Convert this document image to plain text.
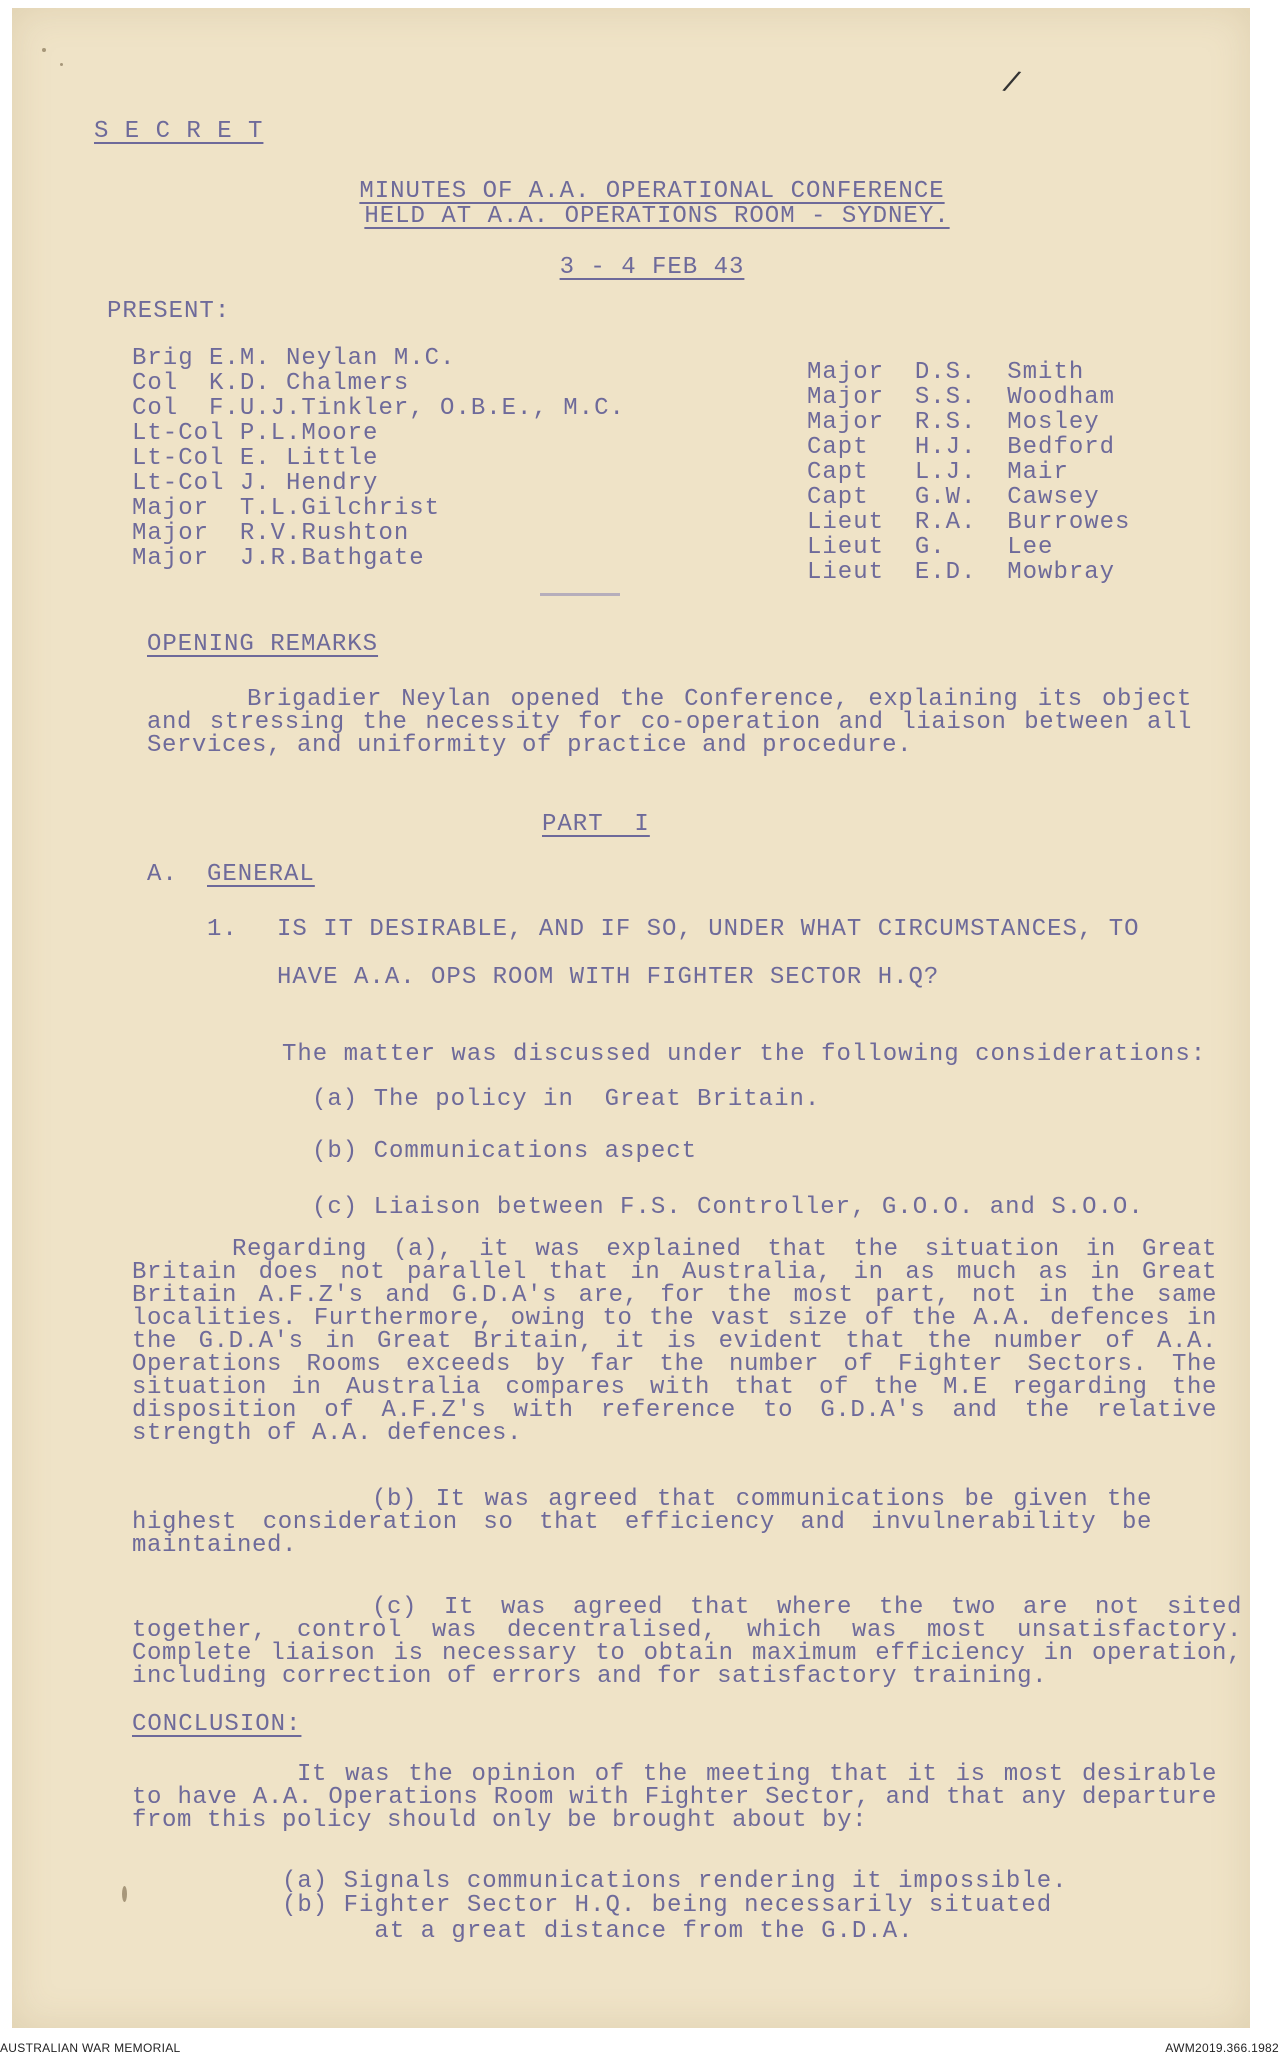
/
S E C R E T
MINUTES OF A.A. OPERATIONAL CONFERENCE
HELD AT A.A. OPERATIONS ROOM - SYDNEY.
3 - 4 FEB 43
PRESENT:
Brig E.M. Neylan M.C.
Col  K.D. Chalmers
Col  F.U.J.Tinkler, O.B.E., M.C.
Lt-Col P.L.Moore
Lt-Col E. Little
Lt-Col J. Hendry
Major  T.L.Gilchrist
Major  R.V.Rushton
Major  J.R.Bathgate
Major  D.S.  Smith
Major  S.S.  Woodham
Major  R.S.  Mosley
Capt   H.J.  Bedford
Capt   L.J.  Mair
Capt   G.W.  Cawsey
Lieut  R.A.  Burrowes
Lieut  G.    Lee
Lieut  E.D.  Mowbray
OPENING REMARKS
Brigadier Neylan opened the Conference, explaining its object and stressing the necessity for co-operation and liaison between all Services, and uniformity of practice and procedure.
PART  I
A. GENERAL
1. IS IT DESIRABLE, AND IF SO, UNDER WHAT CIRCUMSTANCES, TO
HAVE A.A. OPS ROOM WITH FIGHTER SECTOR H.Q?
The matter was discussed under the following considerations:
(a) The policy in  Great Britain.
(b) Communications aspect
(c) Liaison between F.S. Controller, G.O.O. and S.O.O.
Regarding (a), it was explained that the situation in Great Britain does not parallel that in Australia, in as much as in Great Britain A.F.Z's and G.D.A's are, for the most part, not in the same localities. Furthermore, owing to the vast size of the A.A. defences in the G.D.A's in Great Britain, it is evident that the number of A.A. Operations Rooms exceeds by far the number of Fighter Sectors. The situation in Australia compares with that of the M.E regarding the disposition of A.F.Z's with reference to G.D.A's and the relative strength of A.A. defences.
(b) It was agreed that communications be given the highest consideration so that efficiency and invulnerability be maintained.
(c) It was agreed that where the two are not sited together, control was decentralised, which was most unsatisfactory. Complete liaison is necessary to obtain maximum efficiency in operation, including correction of errors and for satisfactory training.
CONCLUSION:
It was the opinion of the meeting that it is most desirable to have A.A. Operations Room with Fighter Sector, and that any departure from this policy should only be brought about by:
(a) Signals communications rendering it impossible.
(b) Fighter Sector H.Q. being necessarily situated
at a great distance from the G.D.A.
AUSTRALIAN WAR MEMORIAL	AWM2019.366.1982
